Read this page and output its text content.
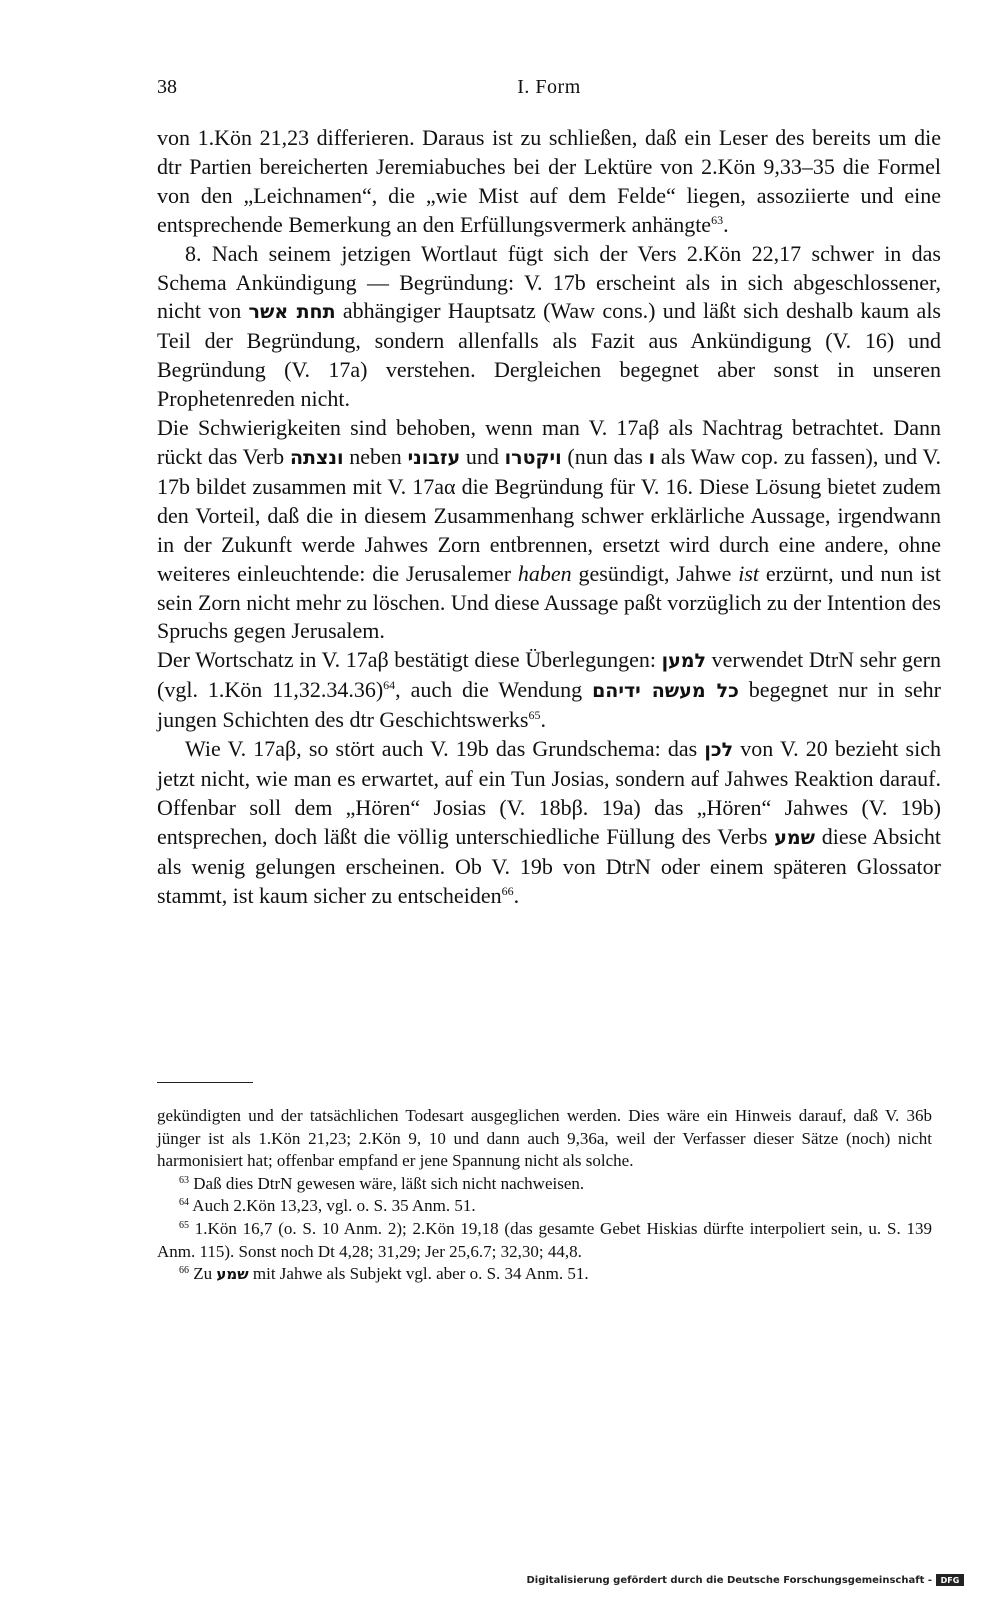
38	I. Form

von 1.Kön 21,23 differieren. Daraus ist zu schließen, daß ein Leser des bereits um die dtr Partien bereicherten Jeremiabuches bei der Lektüre von 2.Kön 9,33–35 die Formel von den „Leichnamen“, die „wie Mist auf dem Felde“ liegen, assoziierte und eine entsprechende Bemerkung an den Erfüllungsvermerk anhängte$^{63}$.

8. Nach seinem jetzigen Wortlaut fügt sich der Vers 2.Kön 22,17 schwer in das Schema Ankündigung — Begründung: V. 17b erscheint als in sich abgeschlossener, nicht von תחת אשר abhängiger Hauptsatz (Waw cons.) und läßt sich deshalb kaum als Teil der Begründung, sondern allenfalls als Fazit aus Ankündigung (V. 16) und Begründung (V. 17a) verstehen. Dergleichen begegnet aber sonst in unseren Prophetenreden nicht.

Die Schwierigkeiten sind behoben, wenn man V. 17aβ als Nachtrag betrachtet. Dann rückt das Verb ונצתה neben עזבוני und ויקטרו (nun das ו als Waw cop. zu fassen), und V. 17b bildet zusammen mit V. 17aα die Begründung für V. 16. Diese Lösung bietet zudem den Vorteil, daß die in diesem Zusammenhang schwer erklärliche Aussage, irgendwann in der Zukunft werde Jahwes Zorn entbrennen, ersetzt wird durch eine andere, ohne weiteres einleuchtende: die Jerusalemer haben gesündigt, Jahwe ist erzürnt, und nun ist sein Zorn nicht mehr zu löschen. Und diese Aussage paßt vorzüglich zu der Intention des Spruchs gegen Jerusalem.

Der Wortschatz in V. 17aβ bestätigt diese Überlegungen: למען verwendet DtrN sehr gern (vgl. 1.Kön 11,32.34.36)$^{64}$, auch die Wendung כל מעשה ידיהם begegnet nur in sehr jungen Schichten des dtr Geschichtswerks$^{65}$.

Wie V. 17aβ, so stört auch V. 19b das Grundschema: das לכן von V. 20 bezieht sich jetzt nicht, wie man es erwartet, auf ein Tun Josias, sondern auf Jahwes Reaktion darauf. Offenbar soll dem „Hören“ Josias (V. 18bβ. 19a) das „Hören“ Jahwes (V. 19b) entsprechen, doch läßt die völlig unterschiedliche Füllung des Verbs שמע diese Absicht als wenig gelungen erscheinen. Ob V. 19b von DtrN oder einem späteren Glossator stammt, ist kaum sicher zu entscheiden$^{66}$.

gekündigten und der tatsächlichen Todesart ausgeglichen werden. Dies wäre ein Hinweis darauf, daß V. 36b jünger ist als 1.Kön 21,23; 2.Kön 9, 10 und dann auch 9,36a, weil der Verfasser dieser Sätze (noch) nicht harmonisiert hat; offenbar empfand er jene Spannung nicht als solche.

$^{63}$ Daß dies DtrN gewesen wäre, läßt sich nicht nachweisen.

$^{64}$ Auch 2.Kön 13,23, vgl. o. S. 35 Anm. 51.

$^{65}$ 1.Kön 16,7 (o. S. 10 Anm. 2); 2.Kön 19,18 (das gesamte Gebet Hiskias dürfte interpoliert sein, u. S. 139 Anm. 115). Sonst noch Dt 4,28; 31,29; Jer 25,6.7; 32,30; 44,8.

$^{66}$ Zu שמע mit Jahwe als Subjekt vgl. aber o. S. 34 Anm. 51.

Digitalisierung gefördert durch die Deutsche Forschungsgemeinschaft -	DFG
